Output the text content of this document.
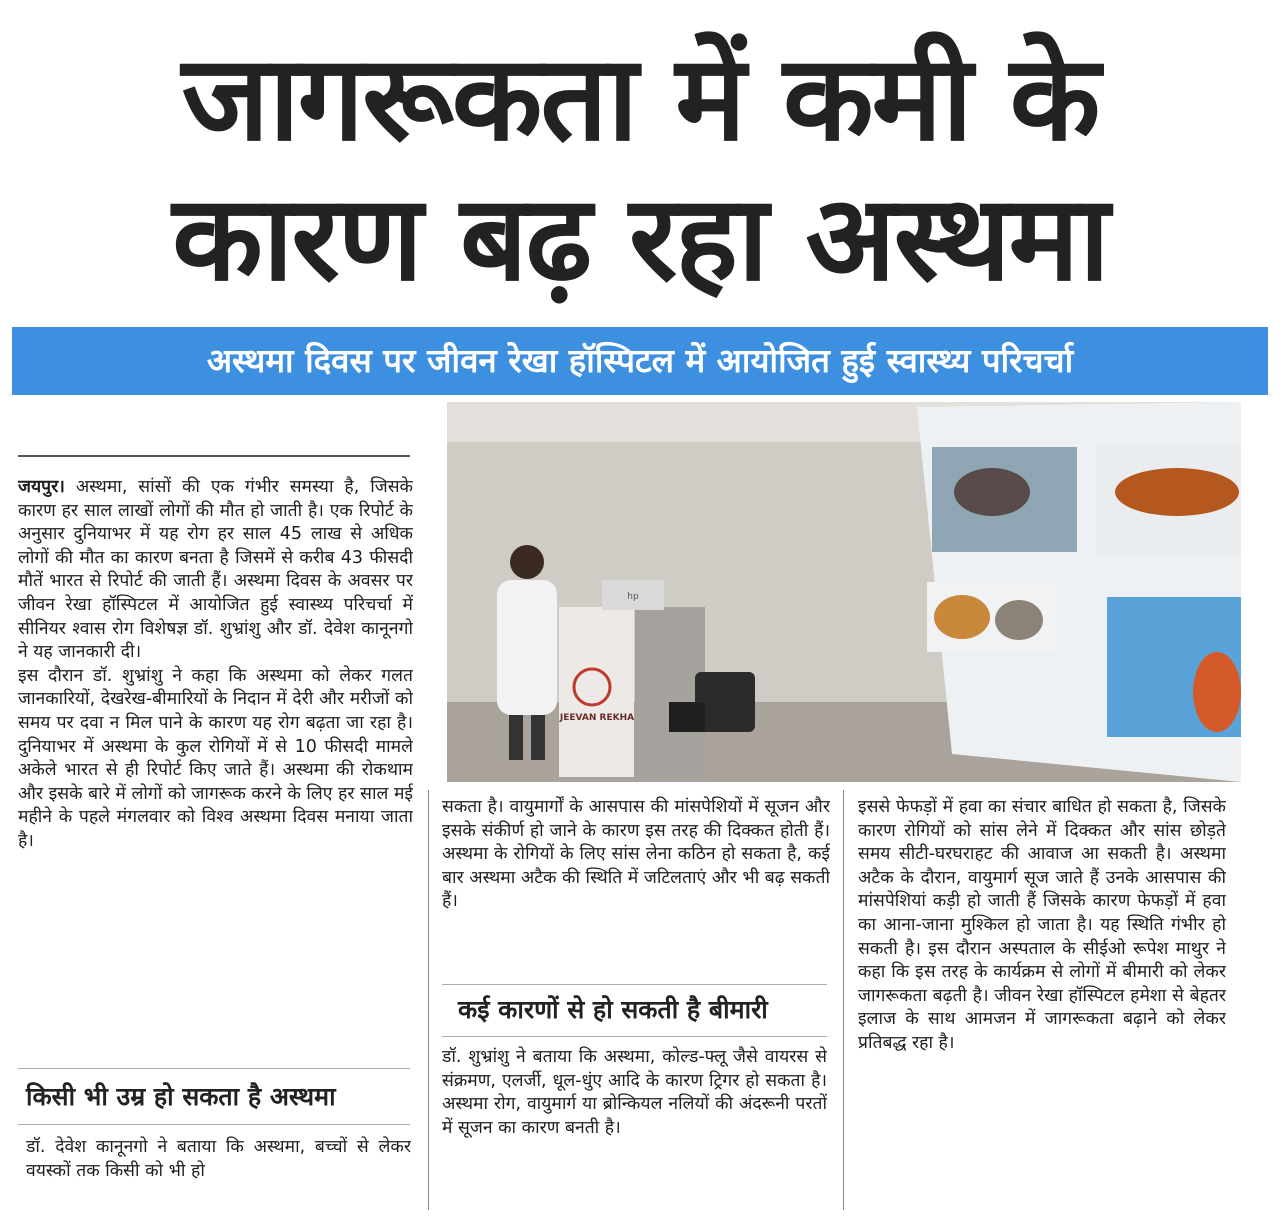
जागरूकता में कमी के
कारण बढ़ रहा अस्थमा
अस्थमा दिवस पर जीवन रेखा हॉस्पिटल में आयोजित हुई स्वास्थ्य परिचर्चा

जयपुर। अस्थमा, सांसों की एक गंभीर समस्या है, जिसके कारण हर साल लाखों लोगों की मौत हो जाती है। एक रिपोर्ट के अनुसार दुनियाभर में यह रोग हर साल 45 लाख से अधिक लोगों की मौत का कारण बनता है जिसमें से करीब 43 फीसदी मौतें भारत से रिपोर्ट की जाती हैं। अस्थमा दिवस के अवसर पर जीवन रेखा हॉस्पिटल में आयोजित हुई स्वास्थ्य परिचर्चा में सीनियर श्वास रोग विशेषज्ञ डॉ. शुभ्रांशु और डॉ. देवेश कानूनगो ने यह जानकारी दी।

इस दौरान डॉ. शुभ्रांशु ने कहा कि अस्थमा को लेकर गलत जानकारियों, देखरेख-बीमारियों के निदान में देरी और मरीजों को समय पर दवा न मिल पाने के कारण यह रोग बढ़ता जा रहा है। दुनियाभर में अस्थमा के कुल रोगियों में से 10 फीसदी मामले अकेले भारत से ही रिपोर्ट किए जाते हैं। अस्थमा की रोकथाम और इसके बारे में लोगों को जागरूक करने के लिए हर साल मई महीने के पहले मंगलवार को विश्व अस्थमा दिवस मनाया जाता है।

किसी भी उम्र हो सकता है अस्थमा

डॉ. देवेश कानूनगो ने बताया कि अस्थमा, बच्चों से लेकर वयस्कों तक किसी को भी हो

JEEVAN REKHA
hp

सकता है। वायुमार्गों के आसपास की मांसपेशियों में सूजन और इसके संकीर्ण हो जाने के कारण इस तरह की दिक्कत होती हैं। अस्थमा के रोगियों के लिए सांस लेना कठिन हो सकता है, कई बार अस्थमा अटैक की स्थिति में जटिलताएं और भी बढ़ सकती हैं।

कई कारणों से हो सकती है बीमारी

डॉ. शुभ्रांशु ने बताया कि अस्थमा, कोल्ड-फ्लू जैसे वायरस से संक्रमण, एलर्जी, धूल-धुंए आदि के कारण ट्रिगर हो सकता है। अस्थमा रोग, वायुमार्ग या ब्रोन्कियल नलियों की अंदरूनी परतों में सूजन का कारण बनती है।

इससे फेफड़ों में हवा का संचार बाधित हो सकता है, जिसके कारण रोगियों को सांस लेने में दिक्कत और सांस छोड़ते समय सीटी-घरघराहट की आवाज आ सकती है। अस्थमा अटैक के दौरान, वायुमार्ग सूज जाते हैं उनके आसपास की मांसपेशियां कड़ी हो जाती हैं जिसके कारण फेफड़ों में हवा का आना-जाना मुश्किल हो जाता है। यह स्थिति गंभीर हो सकती है। इस दौरान अस्पताल के सीईओ रूपेश माथुर ने कहा कि इस तरह के कार्यक्रम से लोगों में बीमारी को लेकर जागरूकता बढ़ती है। जीवन रेखा हॉस्पिटल हमेशा से बेहतर इलाज के साथ आमजन में जागरूकता बढ़ाने को लेकर प्रतिबद्ध रहा है।
